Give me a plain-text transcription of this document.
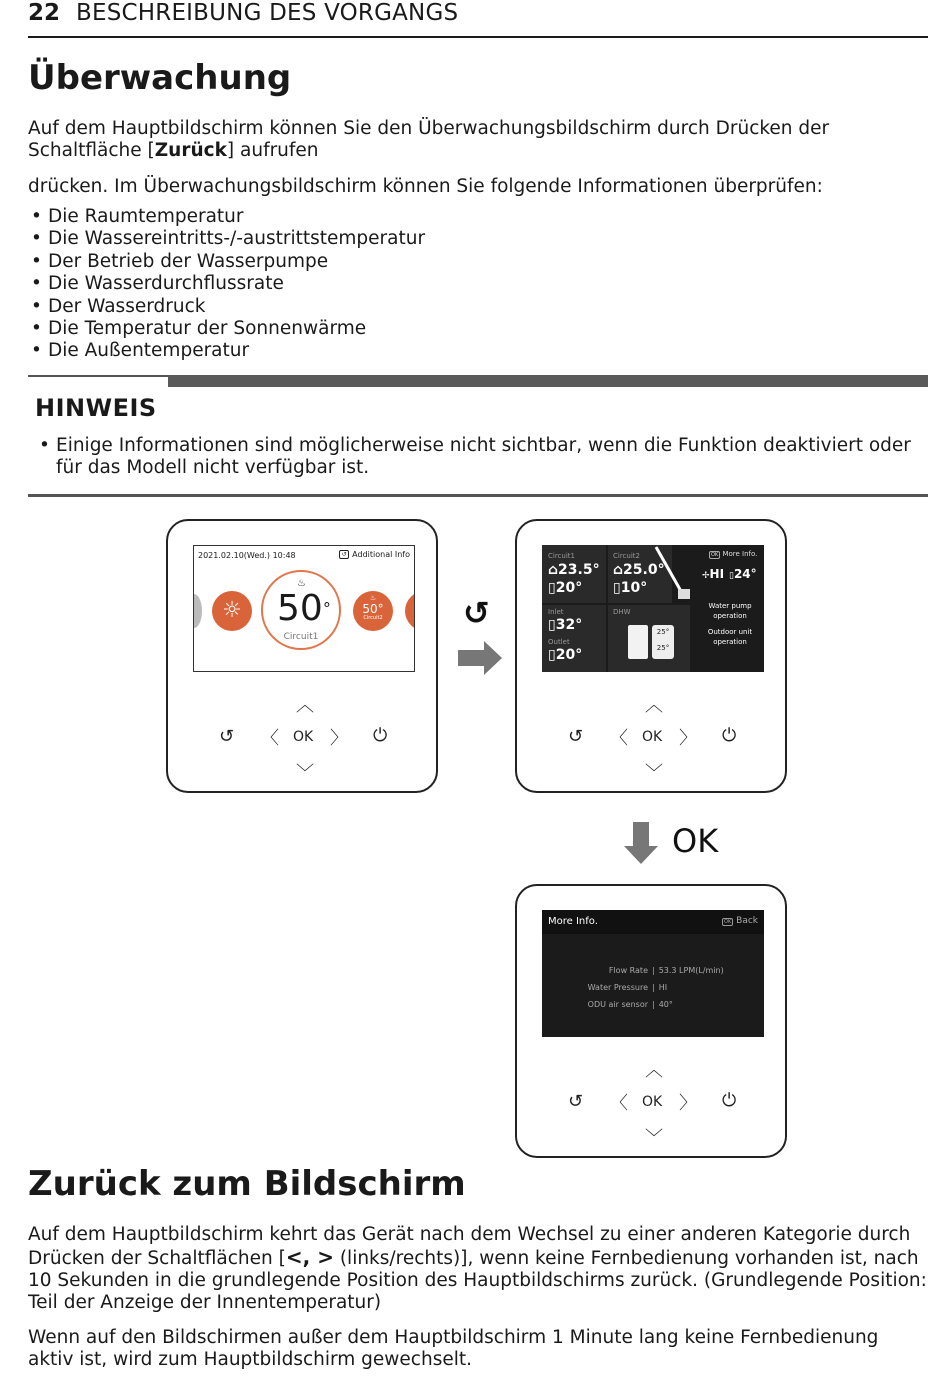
22 BESCHREIBUNG DES VORGANGS
Überwachung

Auf dem Hauptbildschirm können Sie den Überwachungsbildschirm durch Drücken der Schaltfläche [Zurück] aufrufen

drücken. Im Überwachungsbildschirm können Sie folgende Informationen überprüfen:

• Die Raumtemperatur
• Die Wassereintritts-/-austrittstemperatur
• Der Betrieb der Wasserpumpe
• Die Wasserdurchflussrate
• Der Wasserdruck
• Die Temperatur der Sonnenwärme
• Die Außentemperatur
HINWEIS
• Einige Informationen sind möglicherweise nicht sichtbar, wenn die Funktion deaktiviert oder für das Modell nicht verfügbar ist.
2021.02.10(Wed.) 10:48	↺ Additional Info
☼
♨
50°
Circuit1
♨
50°
Circuit2
︿
↺ 〈 OK 〉 ⏻
﹀
↺
Circuit1
⌂23.5°
▯20°
Circuit2
⌂25.0°
▯10°
OK More Info.
✢HI ▯24°
Water pump operation
Outdoor unit operation
Inlet
▯32°
Outlet
▯20°
DHW
25°
25°
︿
↺ 〈 OK 〉 ⏻
﹀
OK
More Info.	OK Back
Flow Rate | 53.3 LPM(L/min)
Water Pressure | HI
ODU air sensor | 40°
︿
↺ 〈 OK 〉 ⏻
﹀
Zurück zum Bildschirm

Auf dem Hauptbildschirm kehrt das Gerät nach dem Wechsel zu einer anderen Kategorie durch Drücken der Schaltflächen [<, > (links/rechts)], wenn keine Fernbedienung vorhanden ist, nach 10 Sekunden in die grundlegende Position des Hauptbildschirms zurück. (Grundlegende Position: Teil der Anzeige der Innentemperatur)

Wenn auf den Bildschirmen außer dem Hauptbildschirm 1 Minute lang keine Fernbedienung aktiv ist, wird zum Hauptbildschirm gewechselt.
